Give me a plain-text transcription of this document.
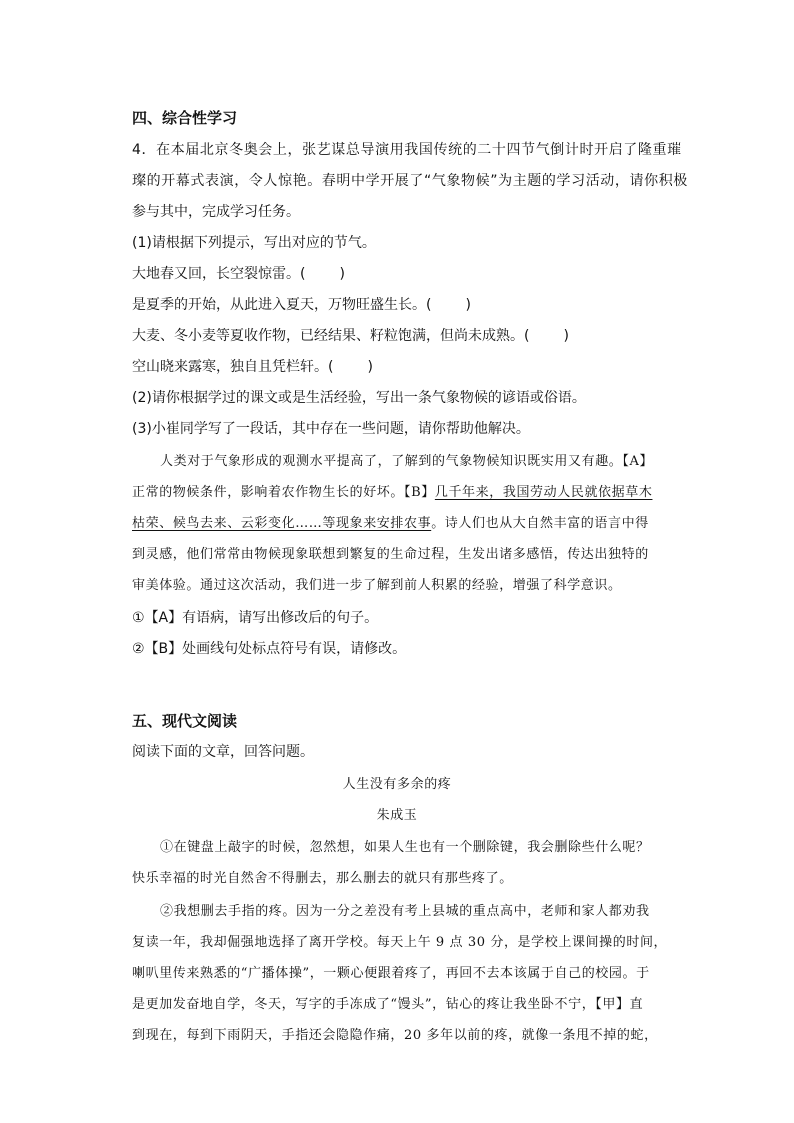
四、综合性学习
4．在本届北京冬奥会上，张艺谋总导演用我国传统的二十四节气倒计时开启了隆重璀
璨的开幕式表演，令人惊艳。春明中学开展了“气象物候”为主题的学习活动，请你积极
参与其中，完成学习任务。
(1)请根据下列提示，写出对应的节气。
大地春又回，长空裂惊雷。( )
是夏季的开始，从此进入夏天，万物旺盛生长。( )
大麦、冬小麦等夏收作物，已经结果、籽粒饱满，但尚未成熟。( )
空山晓来露寒，独自且凭栏轩。( )
(2)请你根据学过的课文或是生活经验，写出一条气象物候的谚语或俗语。
(3)小崔同学写了一段话，其中存在一些问题，请你帮助他解决。
人类对于气象形成的观测水平提高了，了解到的气象物候知识既实用又有趣。【A】
正常的物候条件，影响着农作物生长的好坏。【B】几千年来，我国劳动人民就依据草木
枯荣、候鸟去来、云彩变化……等现象来安排农事。诗人们也从大自然丰富的语言中得
到灵感，他们常常由物候现象联想到繁复的生命过程，生发出诸多感悟，传达出独特的
审美体验。通过这次活动，我们进一步了解到前人积累的经验，增强了科学意识。
①【A】有语病，请写出修改后的句子。
②【B】处画线句处标点符号有误，请修改。
五、现代文阅读
阅读下面的文章，回答问题。
人生没有多余的疼
朱成玉
①在键盘上敲字的时候，忽然想，如果人生也有一个删除键，我会删除些什么呢？
快乐幸福的时光自然舍不得删去，那么删去的就只有那些疼了。
②我想删去手指的疼。因为一分之差没有考上县城的重点高中，老师和家人都劝我
复读一年，我却倔强地选择了离开学校。每天上午 9 点 30 分，是学校上课间操的时间，
喇叭里传来熟悉的“广播体操”，一颗心便跟着疼了，再回不去本该属于自己的校园。于
是更加发奋地自学，冬天，写字的手冻成了“馒头”，钻心的疼让我坐卧不宁，【甲】直
到现在，每到下雨阴天，手指还会隐隐作痛，20 多年以前的疼，就像一条甩不掉的蛇，
